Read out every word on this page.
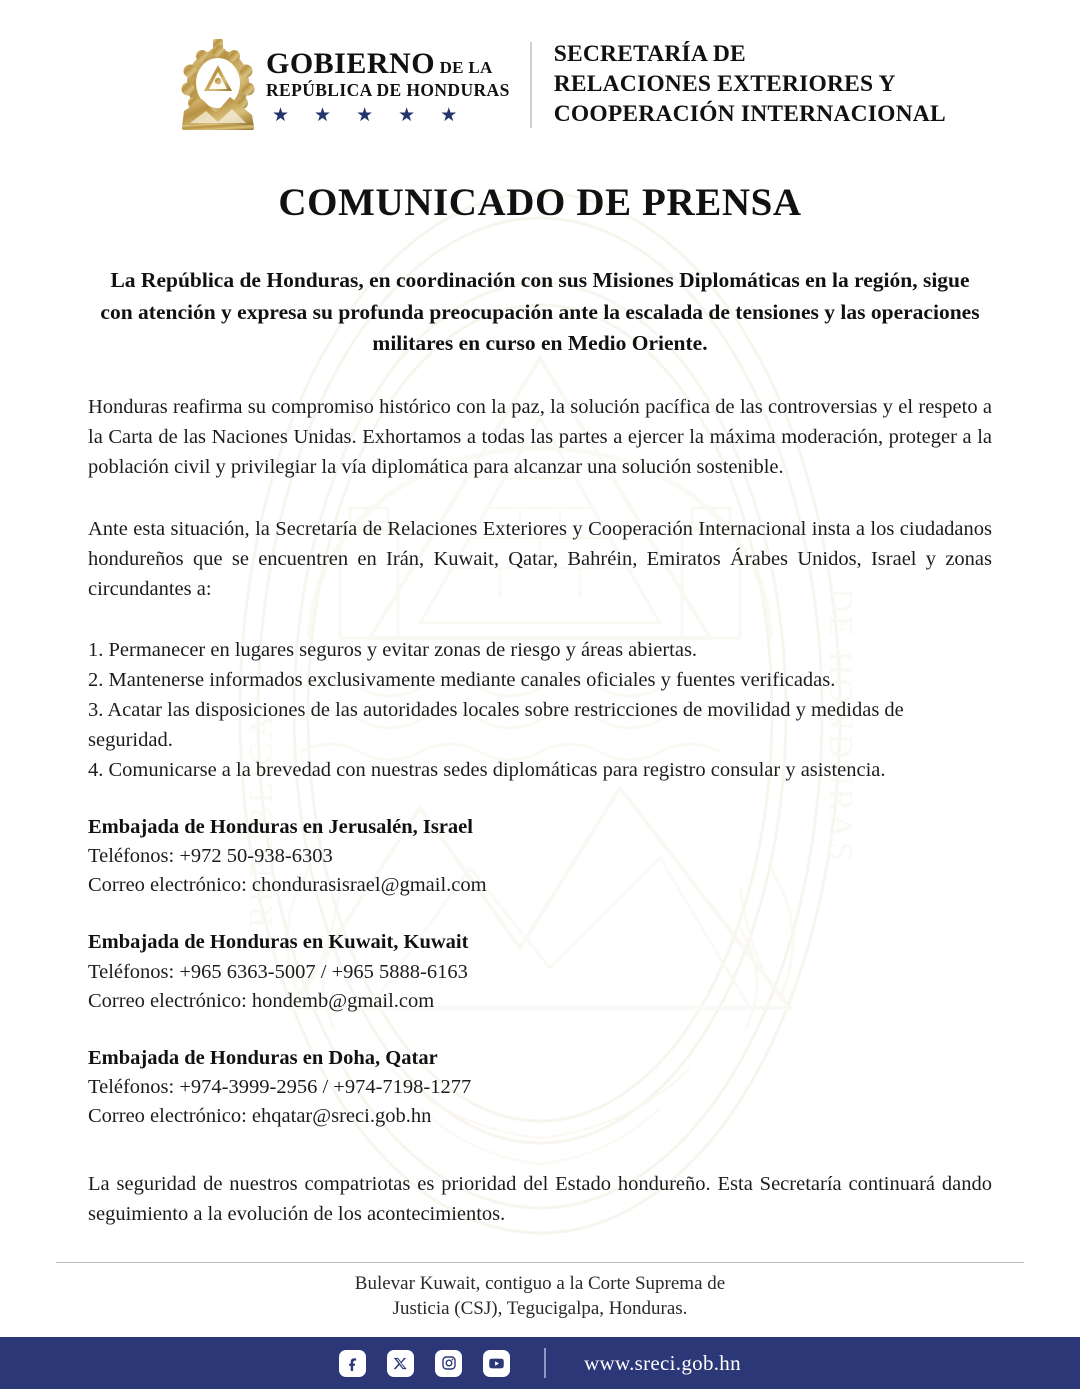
REPUBLICA	DE HONDURAS
GOBIERNO DE LA
REPÚBLICA DE HONDURAS
★ ★ ★ ★ ★
SECRETARÍA DE
RELACIONES EXTERIORES Y
COOPERACIÓN INTERNACIONAL
COMUNICADO DE PRENSA

La República de Honduras, en coordinación con sus Misiones Diplomáticas en la región, sigue con atención y expresa su profunda preocupación ante la escalada de tensiones y las operaciones militares en curso en Medio Oriente.

Honduras reafirma su compromiso histórico con la paz, la solución pacífica de las controversias y el respeto a la Carta de las Naciones Unidas. Exhortamos a todas las partes a ejercer la máxima moderación, proteger a la población civil y privilegiar la vía diplomática para alcanzar una solución sostenible.

Ante esta situación, la Secretaría de Relaciones Exteriores y Cooperación Internacional insta a los ciudadanos hondureños que se encuentren en Irán, Kuwait, Qatar, Bahréin, Emiratos Árabes Unidos, Israel y zonas circundantes a:

1. Permanecer en lugares seguros y evitar zonas de riesgo y áreas abiertas.
2. Mantenerse informados exclusivamente mediante canales oficiales y fuentes verificadas.
3. Acatar las disposiciones de las autoridades locales sobre restricciones de movilidad y medidas de seguridad.
4. Comunicarse a la brevedad con nuestras sedes diplomáticas para registro consular y asistencia.
Embajada de Honduras en Jerusalén, Israel
Teléfonos: +972 50-938-6303
Correo electrónico: chondurasisrael@gmail.com
Embajada de Honduras en Kuwait, Kuwait
Teléfonos: +965 6363-5007 / +965 5888-6163
Correo electrónico: hondemb@gmail.com
Embajada de Honduras en Doha, Qatar
Teléfonos: +974-3999-2956 / +974-7198-1277
Correo electrónico: ehqatar@sreci.gob.hn

La seguridad de nuestros compatriotas es prioridad del Estado hondureño. Esta Secretaría continuará dando seguimiento a la evolución de los acontecimientos.

Bulevar Kuwait, contiguo a la Corte Suprema de
Justicia (CSJ), Tegucigalpa, Honduras.
www.sreci.gob.hn
